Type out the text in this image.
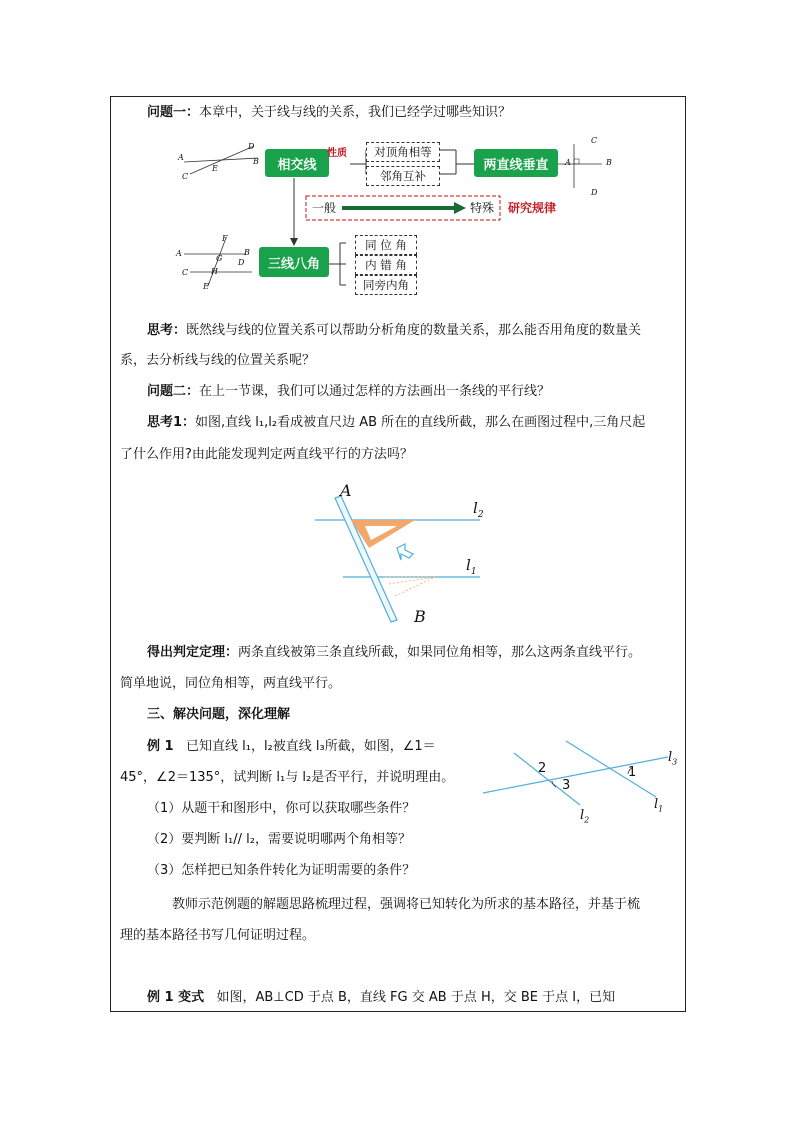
问题一：本章中，关于线与线的关系，我们已经学过哪些知识？
A
C
E
D
B
C
A
D
B
A
C
E
F
G
H
B
D
相交线
性质	对顶角相等
邻角互补
两直线垂直
一般	特殊 研究规律
三线八角
同 位 角
内 错 角
同旁内角
思考：既然线与线的位置关系可以帮助分析角度的数量关系，那么能否用角度的数量关
系，去分析线与线的位置关系呢？
问题二：在上一节课，我们可以通过怎样的方法画出一条线的平行线？
思考1：如图,直线 l₁,l₂看成被直尺边 AB 所在的直线所截，那么在画图过程中,三角尺起
了什么作用?由此能发现判定两直线平行的方法吗？
A
B
$l_2$
$l_1$
得出判定定理：两条直线被第三条直线所截，如果同位角相等，那么这两条直线平行。
简单地说，同位角相等，两直线平行。
三、解决问题，深化理解
例 1 已知直线 l₁，l₂被直线 l₃所截，如图，∠1＝
45°，∠2＝135°，试判断 l₁与 l₂是否平行，并说明理由。
（1）从题干和图形中，你可以获取哪些条件？
（2）要判断 l₁// l₂，需要说明哪两个角相等？
（3）怎样把已知条件转化为证明需要的条件？
1
2
3
$l_3$
$l_1$
$l_2$
教师示范例题的解题思路梳理过程，强调将已知转化为所求的基本路径，并基于梳
理的基本路径书写几何证明过程。
例 1 变式 如图，AB⊥CD 于点 B，直线 FG 交 AB 于点 H，交 BE 于点 I，已知
